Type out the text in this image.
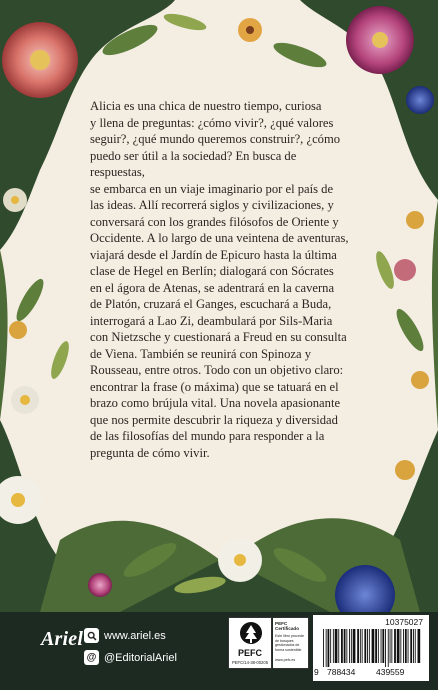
Alicia es una chica de nuestro tiempo, curiosa
y llena de preguntas: ¿cómo vivir?, ¿qué valores
seguir?, ¿qué mundo queremos construir?, ¿cómo
puedo ser útil a la sociedad? En busca de respuestas,
se embarca en un viaje imaginario por el país de
las ideas. Allí recorrerá siglos y civilizaciones, y
conversará con los grandes filósofos de Oriente y
Occidente. A lo largo de una veintena de aventuras,
viajará desde el Jardín de Epicuro hasta la última
clase de Hegel en Berlín; dialogará con Sócrates
en el ágora de Atenas, se adentrará en la caverna
de Platón, cruzará el Ganges, escuchará a Buda,
interrogará a Lao Zi, deambulará por Sils-Maria
con Nietzsche y cuestionará a Freud en su consulta
de Viena. También se reunirá con Spinoza y
Rousseau, entre otros. Todo con un objetivo claro:
encontrar la frase (o máxima) que se tatuará en el
brazo como brújula vital. Una novela apasionante
que nos permite descubrir la riqueza y diversidad
de las filosofías del mundo para responder a la
pregunta de cómo vivir.
Ariel www.ariel.es
@ @EditorialAriel	PEFC
PEFC/14-38-00205
PEFC Certificado
Este libro procede de bosques gestionados de forma sostenible
www.pefc.es
10375027
9 788434 439559
